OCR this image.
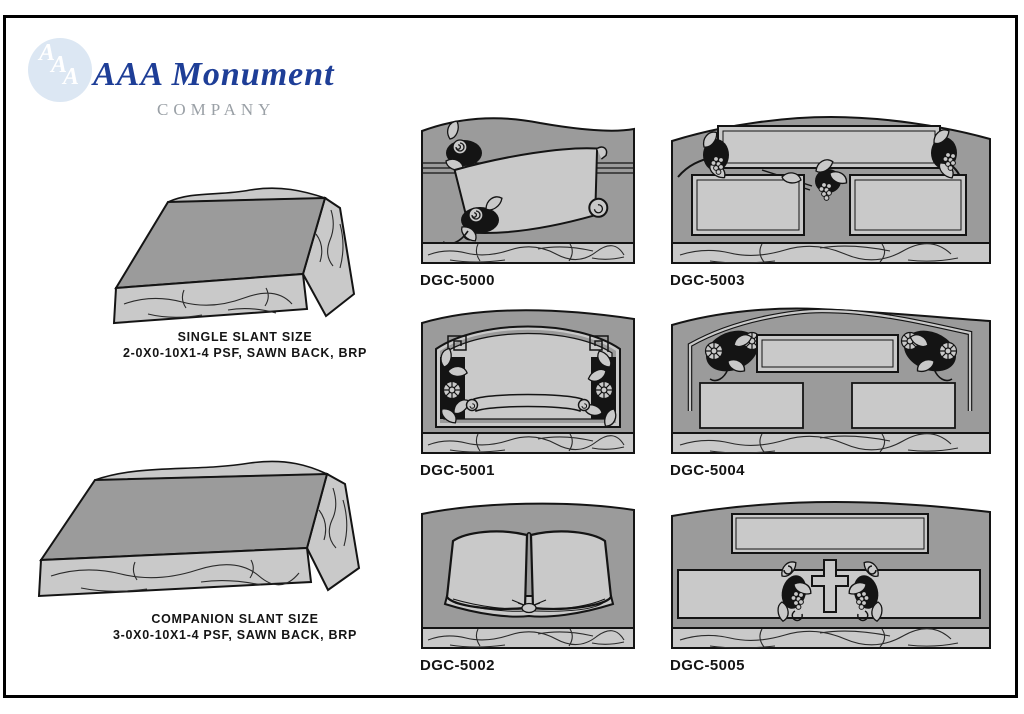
A
A
A AAA Monument
COMPANY
SINGLE SLANT SIZE
2-0X0-10X1-4 PSF, SAWN BACK, BRP
COMPANION SLANT SIZE
3-0X0-10X1-4 PSF, SAWN BACK, BRP
DGC-5000	DGC-5003
DGC-5001	DGC-5004
DGC-5002	DGC-5005
